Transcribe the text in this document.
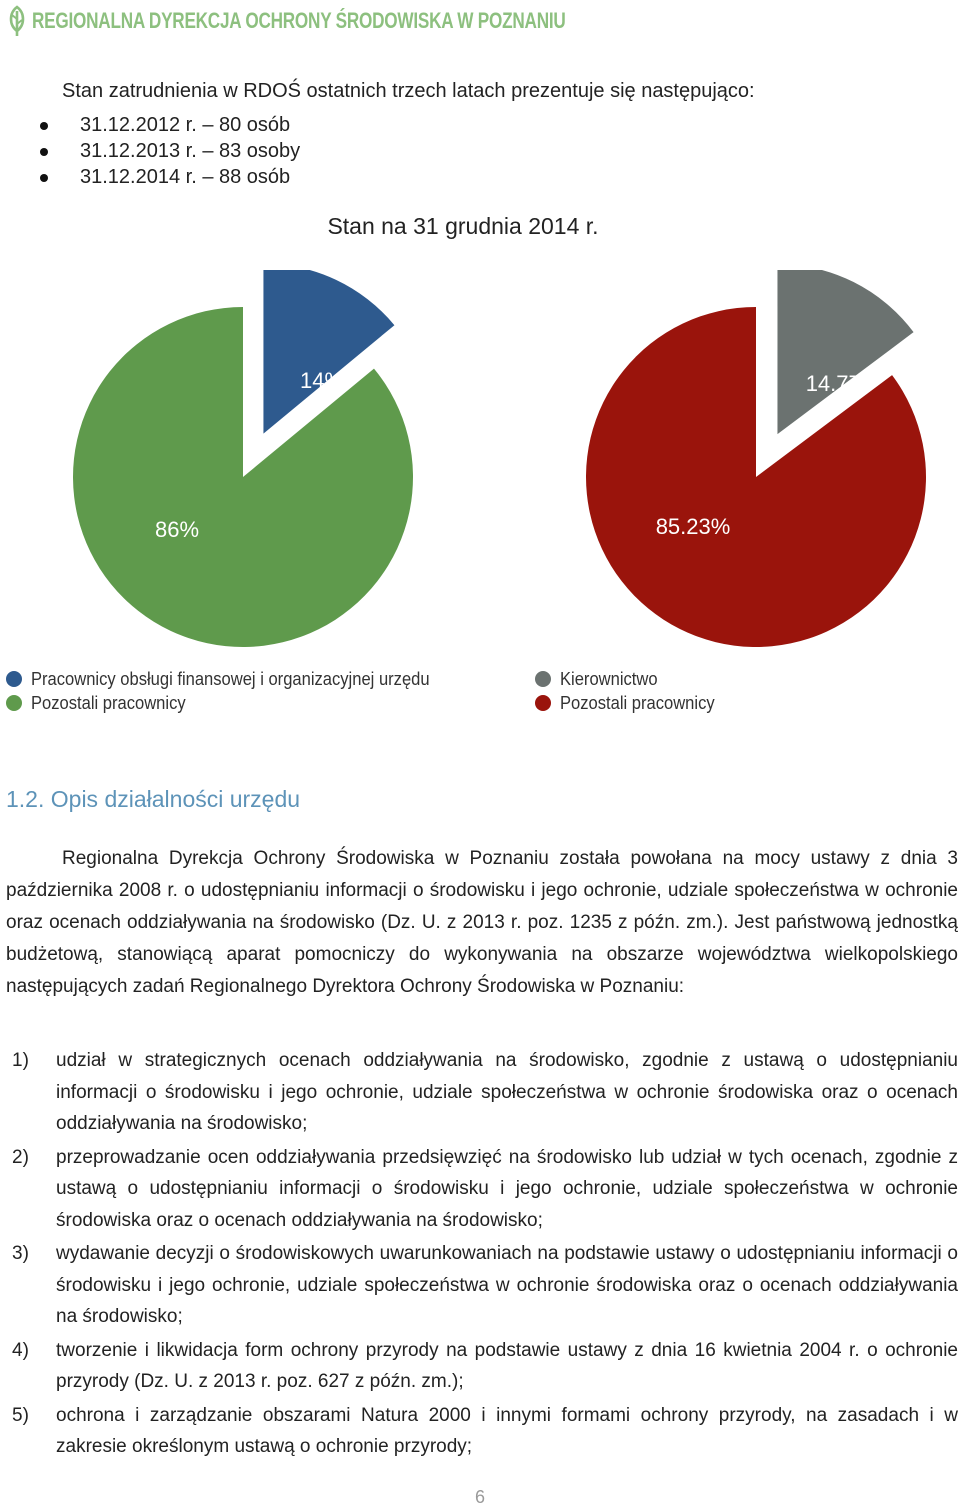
REGIONALNA DYREKCJA OCHRONY ŚRODOWISKA W POZNANIU
Stan zatrudnienia w RDOŚ ostatnich trzech latach prezentuje się następująco:
31.12.2012 r. – 80 osób
31.12.2013 r. – 83 osoby
31.12.2014 r. – 88 osób
Stan na 31 grudnia 2014 r.
14%
86%
14.77%
85.23%
Pracownicy obsługi finansowej i organizacyjnej urzędu
Pozostali pracownicy
Kierownictwo
Pozostali pracownicy
1.2. Opis działalności urzędu

Regionalna Dyrekcja Ochrony Środowiska w Poznaniu została powołana na mocy ustawy z dnia 3 października 2008 r. o udostępnianiu informacji o środowisku i jego ochronie, udziale społeczeństwa w ochronie oraz ocenach oddziaływania na środowisko (Dz. U. z 2013 r. poz. 1235 z późn. zm.). Jest państwową jednostką budżetową, stanowiącą aparat pomocniczy do wykonywania na obszarze województwa wielkopolskiego następujących zadań Regionalnego Dyrektora Ochrony Środowiska w Poznaniu:

1) udział w strategicznych ocenach oddziaływania na środowisko, zgodnie z ustawą o udostępnianiu informacji o środowisku i jego ochronie, udziale społeczeństwa w ochronie środowiska oraz o ocenach oddziaływania na środowisko;
2) przeprowadzanie ocen oddziaływania przedsięwzięć na środowisko lub udział w tych ocenach, zgodnie z ustawą o udostępnianiu informacji o środowisku i jego ochronie, udziale społeczeństwa w ochronie środowiska oraz o ocenach oddziaływania na środowisko;
3) wydawanie decyzji o środowiskowych uwarunkowaniach na podstawie ustawy o udostępnianiu informacji o środowisku i jego ochronie, udziale społeczeństwa w ochronie środowiska oraz o ocenach oddziaływania na środowisko;
4) tworzenie i likwidacja form ochrony przyrody na podstawie ustawy z dnia 16 kwietnia 2004 r. o ochronie przyrody (Dz. U. z 2013 r. poz. 627 z późn. zm.);
5) ochrona i zarządzanie obszarami Natura 2000 i innymi formami ochrony przyrody, na zasadach i w zakresie określonym ustawą o ochronie przyrody;
6
